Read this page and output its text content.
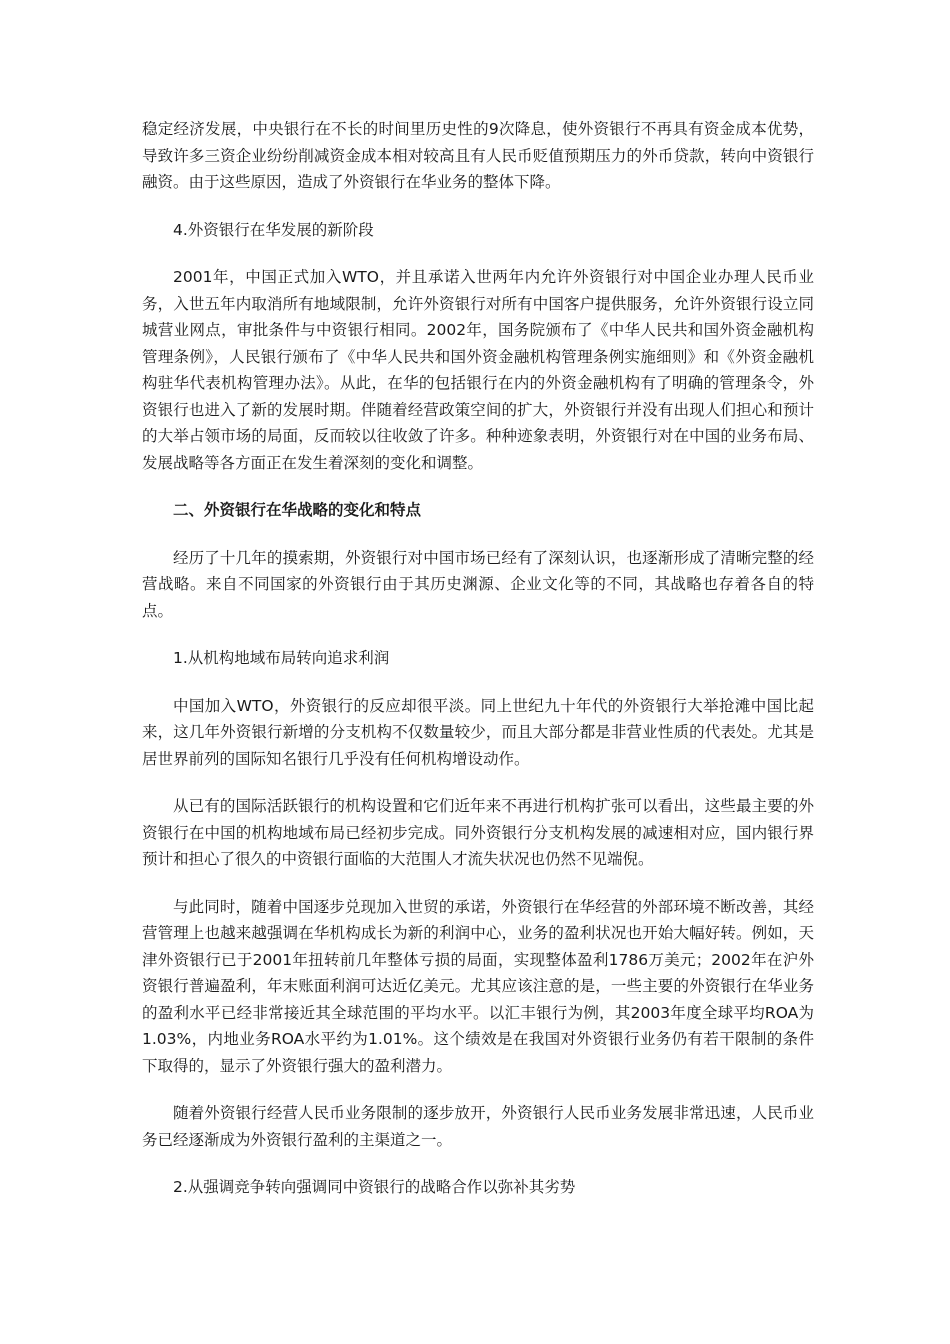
稳定经济发展，中央银行在不长的时间里历史性的9次降息，使外资银行不再具有资金成本优势，导致许多三资企业纷纷削减资金成本相对较高且有人民币贬值预期压力的外币贷款，转向中资银行融资。由于这些原因，造成了外资银行在华业务的整体下降。

4.外资银行在华发展的新阶段

2001年，中国正式加入WTO，并且承诺入世两年内允许外资银行对中国企业办理人民币业务，入世五年内取消所有地域限制，允许外资银行对所有中国客户提供服务，允许外资银行设立同城营业网点，审批条件与中资银行相同。2002年，国务院颁布了《中华人民共和国外资金融机构管理条例》，人民银行颁布了《中华人民共和国外资金融机构管理条例实施细则》和《外资金融机构驻华代表机构管理办法》。从此，在华的包括银行在内的外资金融机构有了明确的管理条令，外资银行也进入了新的发展时期。伴随着经营政策空间的扩大，外资银行并没有出现人们担心和预计的大举占领市场的局面，反而较以往收敛了许多。种种迹象表明，外资银行对在中国的业务布局、发展战略等各方面正在发生着深刻的变化和调整。

二、外资银行在华战略的变化和特点

经历了十几年的摸索期，外资银行对中国市场已经有了深刻认识，也逐渐形成了清晰完整的经营战略。来自不同国家的外资银行由于其历史渊源、企业文化等的不同，其战略也存着各自的特点。

1.从机构地域布局转向追求利润

中国加入WTO，外资银行的反应却很平淡。同上世纪九十年代的外资银行大举抢滩中国比起来，这几年外资银行新增的分支机构不仅数量较少，而且大部分都是非营业性质的代表处。尤其是居世界前列的国际知名银行几乎没有任何机构增设动作。

从已有的国际活跃银行的机构设置和它们近年来不再进行机构扩张可以看出，这些最主要的外资银行在中国的机构地域布局已经初步完成。同外资银行分支机构发展的减速相对应，国内银行界预计和担心了很久的中资银行面临的大范围人才流失状况也仍然不见端倪。

与此同时，随着中国逐步兑现加入世贸的承诺，外资银行在华经营的外部环境不断改善，其经营管理上也越来越强调在华机构成长为新的利润中心，业务的盈利状况也开始大幅好转。例如，天津外资银行已于2001年扭转前几年整体亏损的局面，实现整体盈利1786万美元；2002年在沪外资银行普遍盈利，年末账面利润可达近亿美元。尤其应该注意的是，一些主要的外资银行在华业务的盈利水平已经非常接近其全球范围的平均水平。以汇丰银行为例，其2003年度全球平均ROA为1.03%，内地业务ROA水平约为1.01%。这个绩效是在我国对外资银行业务仍有若干限制的条件下取得的，显示了外资银行强大的盈利潜力。

随着外资银行经营人民币业务限制的逐步放开，外资银行人民币业务发展非常迅速，人民币业务已经逐渐成为外资银行盈利的主渠道之一。

2.从强调竞争转向强调同中资银行的战略合作以弥补其劣势
